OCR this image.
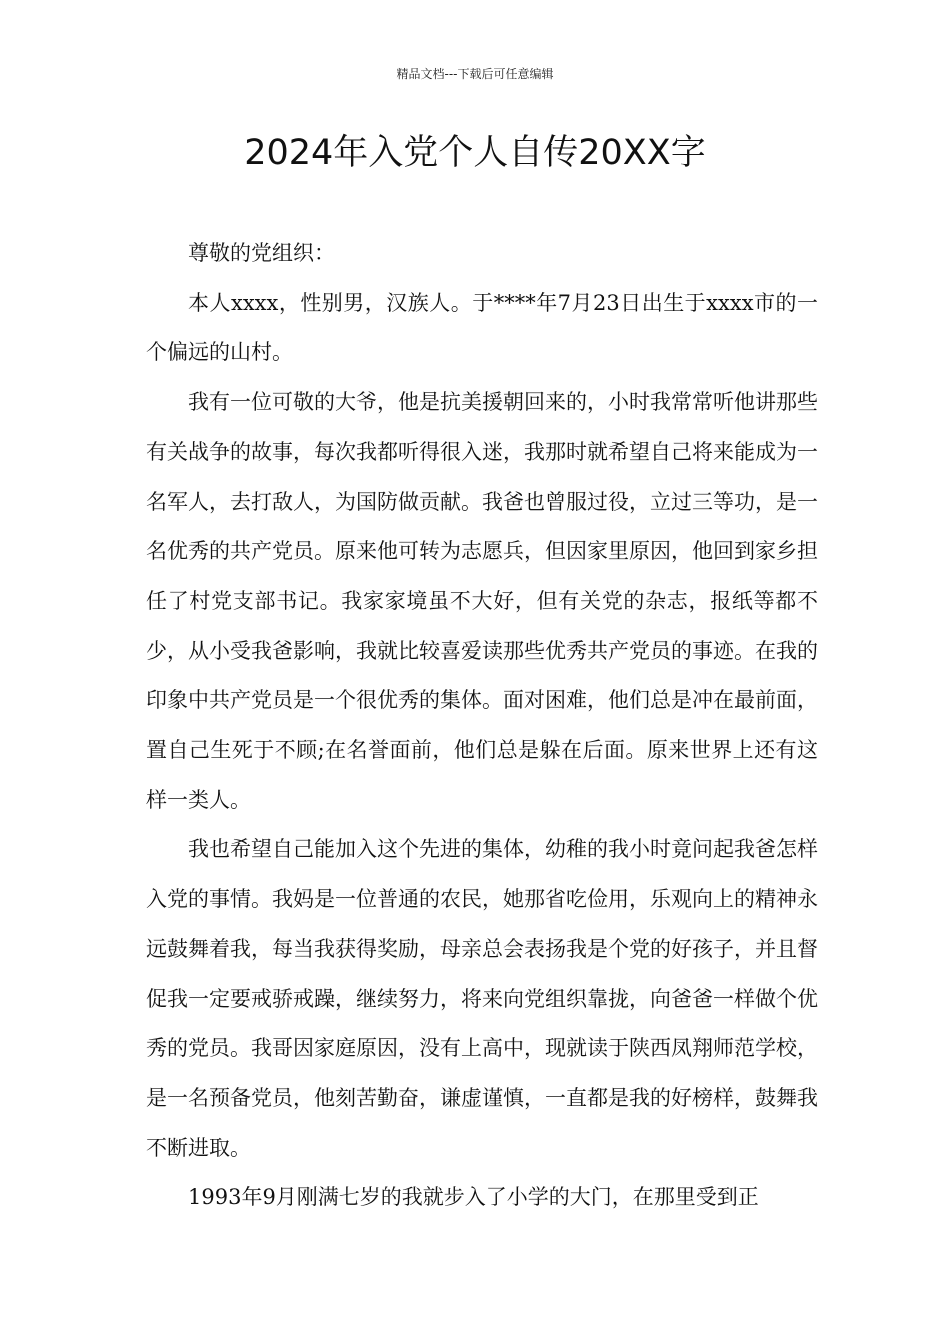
精品文档---下载后可任意编辑
2024年入党个人自传20XX字

尊敬的党组织：

本人xxxx，性别男，汉族人。于****年7月23日出生于xxxx市的一个偏远的山村。

我有一位可敬的大爷，他是抗美援朝回来的，小时我常常听他讲那些有关战争的故事，每次我都听得很入迷，我那时就希望自己将来能成为一名军人，去打敌人，为国防做贡献。我爸也曾服过役，立过三等功，是一名优秀的共产党员。原来他可转为志愿兵，但因家里原因，他回到家乡担任了村党支部书记。我家家境虽不大好，但有关党的杂志，报纸等都不少，从小受我爸影响，我就比较喜爱读那些优秀共产党员的事迹。在我的印象中共产党员是一个很优秀的集体。面对困难，他们总是冲在最前面，置自己生死于不顾;在名誉面前，他们总是躲在后面。原来世界上还有这样一类人。

我也希望自己能加入这个先进的集体，幼稚的我小时竟问起我爸怎样入党的事情。我妈是一位普通的农民，她那省吃俭用，乐观向上的精神永远鼓舞着我，每当我获得奖励，母亲总会表扬我是个党的好孩子，并且督促我一定要戒骄戒躁，继续努力，将来向党组织靠拢，向爸爸一样做个优秀的党员。我哥因家庭原因，没有上高中，现就读于陕西凤翔师范学校，是一名预备党员，他刻苦勤奋，谦虚谨慎，一直都是我的好榜样，鼓舞我不断进取。

1993年9月刚满七岁的我就步入了小学的大门，在那里受到正
